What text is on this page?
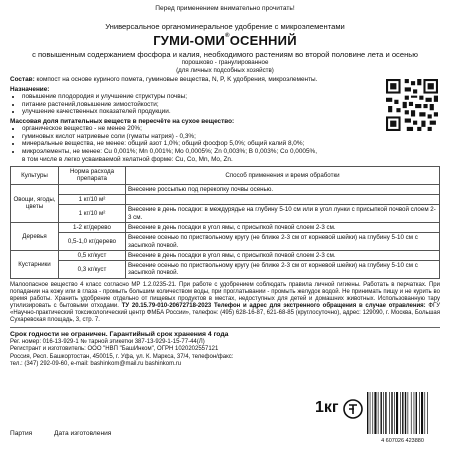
Перед применением внимательно прочитать!
Универсальное органоминеральное удобрение с микроэлементами
ГУМИ-ОМИ®ОСЕННИЙ
с повышенным содержанием фосфора и калия, необходимого растениям во второй половине лета и осенью
порошково - гранулированное
(для личных подсобных хозяйств)
Состав: компост на основе куриного помета, гуминовые вещества, N, P, K удобрения, микроэлементы.
Назначение:
• повышение плодородия и улучшение структуры почвы;
• питание растений,повышение зимостойкости;
• улучшение качественных показателей продукции.
Массовая доля питательных веществ в пересчёте на сухое вещество:
• органическое вещество - не менее 20%;
• гуминовых кислот натриевые соли (гуматы натрия) - 0,3%;
• минеральные вещества, не менее: общий азот 1,0%; общий фосфор 5,0%; общий калий 8,0%;
• микроэлементы, не менее: Cu 0,001%; Mn 0,001%; Mo 0,0005%; Zn 0,003%; B 0,003%; Co 0,0005%,
в том числе в легко усваиваемой хелатной форме: Cu, Co, Mn, Mo, Zn.
Культуры	Норма расхода препарата	Способ применения и время обработки
Овощи, ягоды, цветы		Внесение россыпью под перекопку почвы осенью.
	1 кг/10 м²	
	1 кг/10 м²	Внесение в день посадки: в междурядье на глубину 5-10 см или в угол лунки с присыпкой почвой слоем 2-3 см.
Деревья	1-2 кг/дерево	Внесение в день посадки в угол ямы, с присыпкой почвой слоем 2-3 см.
	0,5-1,0 кг/дерево	Внесение осенью по приствольному кругу (не ближе 2-3 см от корневой шейки) на глубину 5-10 см с засыпкой почвой.
Кустарники	0,5 кг/куст	Внесение в день посадки в угол ямы, с присыпкой почвой слоем 2-3 см.
	0,3 кг/куст	Внесение осенью по приствольному кругу (не ближе 2-3 см от корневой шейки) на глубину 5-10 см с засыпкой почвой.
Малоопасное вещество 4 класс согласно МР 1.2.0235-21. При работе с удобрением соблюдать правила личной гигиены. Работать в перчатках. При попадании на кожу или в глаза - промыть большим количеством воды, при проглатывании - промыть желудок водой. Не принимать пищу и не курить во время работы. Хранить удобрение отдельно от пищевых продуктов в местах, недоступных для детей и домашних животных. Использованную тару утилизировать с бытовыми отходами. ТУ 20.15.79-010-20672718-2023 Телефон и адрес для экстренного обращения в случае отравления: ФГУ «Научно-практический токсикологический центр ФМБА России», телефон: (495) 628-16-87, 621-68-85 (круглосуточно), адрес: 129090, г. Москва, Большая Сухаревская площадь, 3, стр. 7.
Срок годности не ограничен. Гарантийный срок хранения 4 года
Рег. номер: 016-13-929-1 № тарной этикетки 387-13-929-1-15-77-44(Л)
Регистрант и изготовитель: ООО "НВП "БашИнком", ОГРН 1020202557121
Россия, Респ. Башкортостан, 450015, г. Уфа, ул. К. Маркса, 37/4, телефон/факс:
тел.: (347) 292-09-60, e-mail: bashinkom@mail.ru bashinkom.ru
1кг
4 607026 423880
Партия	Дата изготовления
